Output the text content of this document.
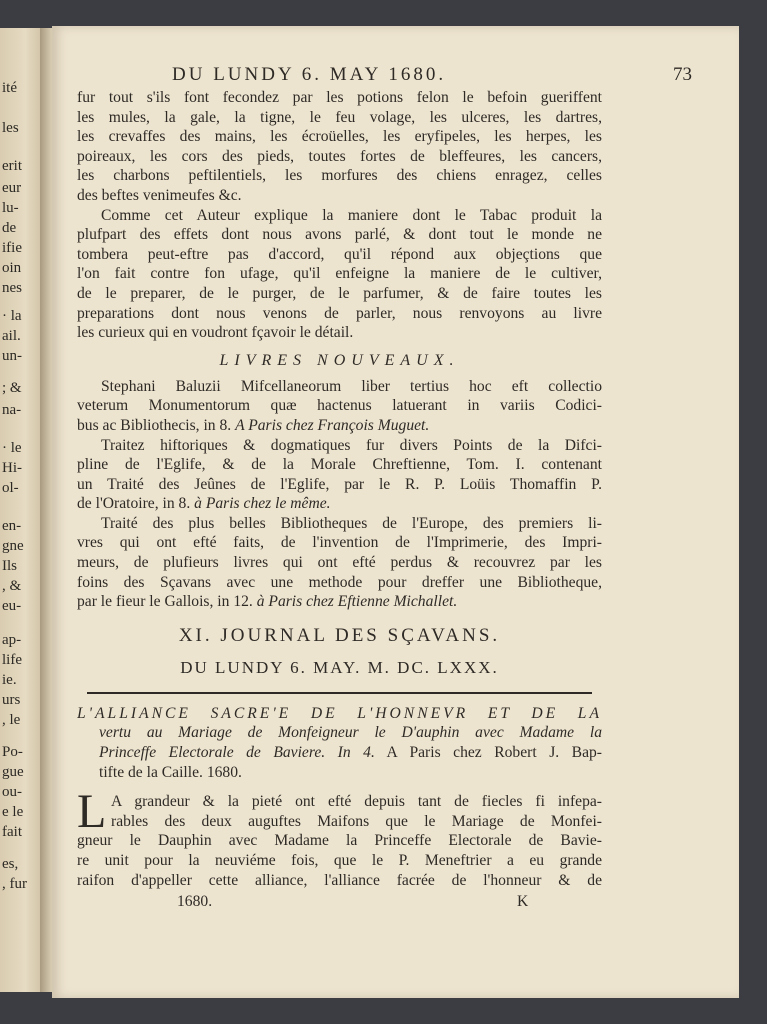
ité
les
erit
eur
lu-
de
ifie
oin
nes
· la
ail.
un-
; &
na-
· le
Hi-
ol-
en-
gne
Ils
, &
eu-
ap-
life
ie.
urs
, le
Po-
gue
ou-
e le
fait
es,
, fur
DU LUNDY 6. MAY 1680.	73
fur tout s'ils font fecondez par les potions felon le befoin gueriffent
les mules, la gale, la tigne, le feu volage, les ulceres, les dartres,
les crevaffes des mains, les écroüelles, les eryfipeles, les herpes, les
poireaux, les cors des pieds, toutes fortes de bleffeures, les cancers,
les charbons peftilentiels, les morfures des chiens enragez, celles
des beftes venimeufes &c.
Comme cet Auteur explique la maniere dont le Tabac produit la
plufpart des effets dont nous avons parlé, & dont tout le monde ne
tombera peut-eftre pas d'accord, qu'il répond aux objeçtions que
l'on fait contre fon ufage, qu'il enfeigne la maniere de le cultiver,
de le preparer, de le purger, de le parfumer, & de faire toutes les
preparations dont nous venons de parler, nous renvoyons au livre
les curieux qui en voudront fçavoir le détail.
LIVRES NOUVEAUX.
Stephani Baluzii Mifcellaneorum liber tertius hoc eft collectio
veterum Monumentorum quæ hactenus latuerant in variis Codici-
bus ac Bibliothecis, in 8. A Paris chez François Muguet.
Traitez hiftoriques & dogmatiques fur divers Points de la Difci-
pline de l'Eglife, & de la Morale Chreftienne, Tom. I. contenant
un Traité des Jeûnes de l'Eglife, par le R. P. Loüis Thomaffin P.
de l'Oratoire, in 8. à Paris chez le même.
Traité des plus belles Bibliotheques de l'Europe, des premiers li-
vres qui ont efté faits, de l'invention de l'Imprimerie, des Impri-
meurs, de plufieurs livres qui ont efté perdus & recouvrez par les
foins des Sçavans avec une methode pour dreffer une Bibliotheque,
par le fieur le Gallois, in 12. à Paris chez Eftienne Michallet.
XI. JOURNAL DES SÇAVANS.
DU LUNDY 6. MAY. M. DC. LXXX.
L'ALLIANCE SACRE'E DE L'HONNEVR ET DE LA
vertu au Mariage de Monfeigneur le D'auphin avec Madame la
Princeffe Electorale de Baviere. In 4. A Paris chez Robert J. Bap-
tifte de la Caille. 1680.
L A grandeur & la pieté ont efté depuis tant de fiecles fi infepa-
rables des deux auguftes Maifons que le Mariage de Monfei-
gneur le Dauphin avec Madame la Princeffe Electorale de Bavie-
re unit pour la neuviéme fois, que le P. Meneftrier a eu grande
raifon d'appeller cette alliance, l'alliance facrée de l'honneur & de
1680.	K
